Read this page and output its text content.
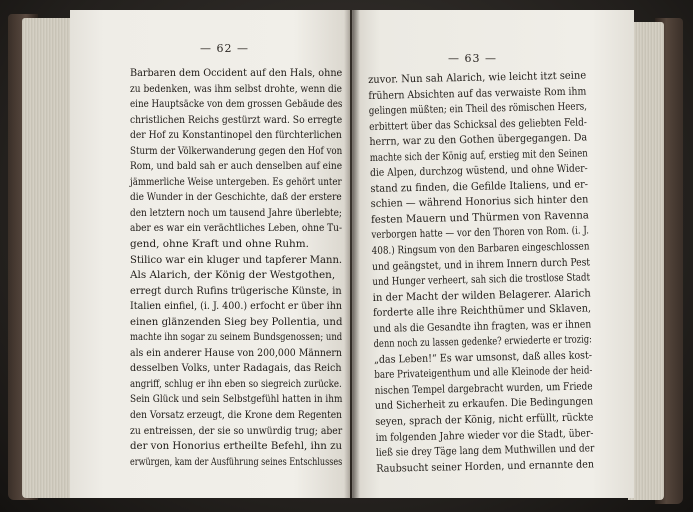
— 62 —
— 63 —
Barbaren dem Occident auf den Hals, ohne
zu bedenken, was ihm selbst drohte, wenn die
eine Hauptsäcke von dem grossen Gebäude des
christlichen Reichs gestürzt ward. So erregte
der Hof zu Konstantinopel den fürchterlichen
Sturm der Völkerwanderung gegen den Hof von
Rom, und bald sah er auch denselben auf eine
jämmerliche Weise untergeben. Es gehört unter
die Wunder in der Geschichte, daß der erstere
den letztern noch um tausend Jahre überlebte;
aber es war ein verächtliches Leben, ohne Tu-
gend, ohne Kraft und ohne Ruhm.
Stilico war ein kluger und tapferer Mann.
Als Alarich, der König der Westgothen,
erregt durch Rufins trügerische Künste, in
Italien einfiel, (i. J. 400.) erfocht er über ihn
einen glänzenden Sieg bey Pollentia, und
machte ihn sogar zu seinem Bundsgenossen; und
als ein anderer Hause von 200,000 Männern
desselben Volks, unter Radagais, das Reich
angriff, schlug er ihn eben so siegreich zurücke.
Sein Glück und sein Selbstgefühl hatten in ihm
den Vorsatz erzeugt, die Krone dem Regenten
zu entreissen, der sie so unwürdig trug; aber
der von Honorius ertheilte Befehl, ihn zu
erwürgen, kam der Ausführung seines Entschlusses
zuvor. Nun sah Alarich, wie leicht itzt seine
frühern Absichten auf das verwaiste Rom ihm
gelingen müßten; ein Theil des römischen Heers,
erbittert über das Schicksal des geliebten Feld-
herrn, war zu den Gothen übergegangen. Da
machte sich der König auf, erstieg mit den Seinen
die Alpen, durchzog wüstend, und ohne Wider-
stand zu finden, die Gefilde Italiens, und er-
schien — während Honorius sich hinter den
festen Mauern und Thürmen von Ravenna
verborgen hatte — vor den Thoren von Rom. (i. J.
408.) Ringsum von den Barbaren eingeschlossen
und geängstet, und in ihrem Innern durch Pest
und Hunger verheert, sah sich die trostlose Stadt
in der Macht der wilden Belagerer. Alarich
forderte alle ihre Reichthümer und Sklaven,
und als die Gesandte ihn fragten, was er ihnen
denn noch zu lassen gedenke? erwiederte er trozig:
„das Leben!“ Es war umsonst, daß alles kost-
bare Privateigenthum und alle Kleinode der heid-
nischen Tempel dargebracht wurden, um Friede
und Sicherheit zu erkaufen. Die Bedingungen
seyen, sprach der König, nicht erfüllt, rückte
im folgenden Jahre wieder vor die Stadt, über-
ließ sie drey Täge lang dem Muthwillen und der
Raubsucht seiner Horden, und ernannte den
